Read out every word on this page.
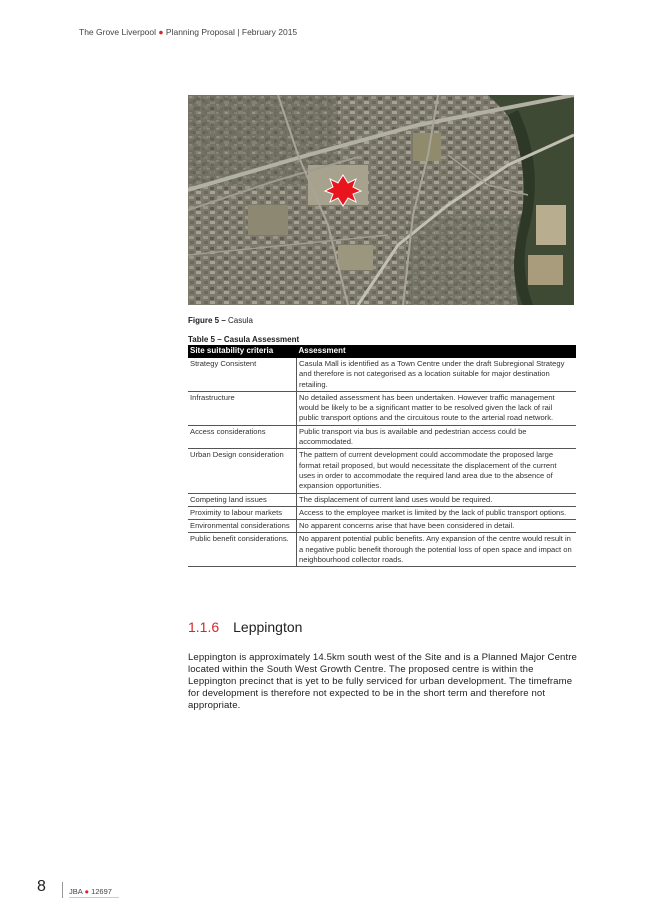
The Grove Liverpool ● Planning Proposal | February 2015
Figure 5 – Casula
Table 5 – Casula Assessment
Site suitability criteria	Assessment
Strategy Consistent	Casula Mall is identified as a Town Centre under the draft Subregional Strategy and therefore is not categorised as a location suitable for major destination retailing.
Infrastructure	No detailed assessment has been undertaken. However traffic management would be likely to be a significant matter to be resolved given the lack of rail public transport options and the circuitous route to the arterial road network.
Access considerations	Public transport via bus is available and pedestrian access could be accommodated.
Urban Design consideration	The pattern of current development could accommodate the proposed large format retail proposed, but would necessitate the displacement of the current uses in order to accommodate the required land area due to the absence of expansion opportunities.
Competing land issues	The displacement of current land uses would be required.
Proximity to labour markets	Access to the employee market is limited by the lack of public transport options.
Environmental considerations	No apparent concerns arise that have been considered in detail.
Public benefit considerations.	No apparent potential public benefits. Any expansion of the centre would result in a negative public benefit thorough the potential loss of open space and impact on neighbourhood collector roads.
1.1.6 Leppington

Leppington is approximately 14.5km south west of the Site and is a Planned Major Centre located within the South West Growth Centre. The proposed centre is within the Leppington precinct that is yet to be fully serviced for urban development. The timeframe for development is therefore not expected to be in the short term and therefore not appropriate.

8	JBA ● 12697
